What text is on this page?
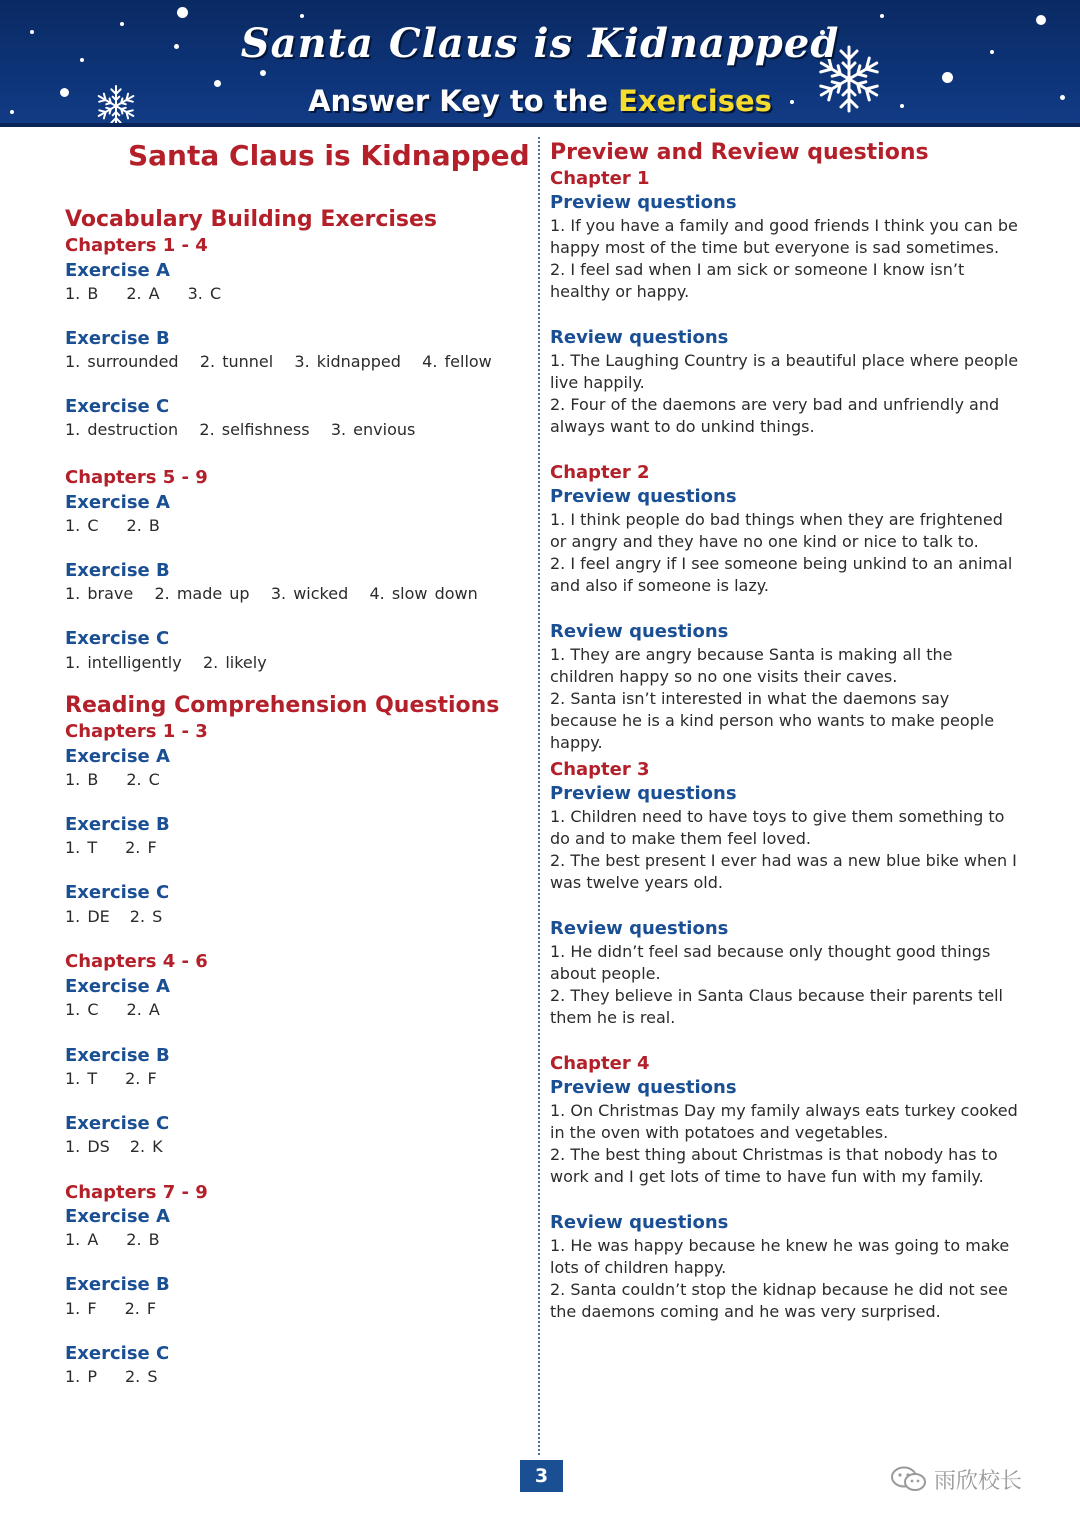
Santa Claus is Kidnapped
Answer Key to the Exercises
Santa Claus is Kidnapped
Vocabulary Building Exercises
Chapters 1 - 4
Exercise A
1. B 2. A 3. C
Exercise B
1. surrounded   2. tunnel   3. kidnapped   4. fellow
Exercise C
1. destruction   2. selfishness   3. envious
Chapters 5 - 9
Exercise A
1. C 2. B
Exercise B
1. brave   2. made up   3. wicked   4. slow down
Exercise C
1. intelligently   2. likely
Reading Comprehension Questions
Chapters 1 - 3
Exercise A
1. B 2. C
Exercise B
1. T 2. F
Exercise C
1. DE 2. S
Chapters 4 - 6
Exercise A
1. C 2. A
Exercise B
1. T 2. F
Exercise C
1. DS 2. K
Chapters 7 - 9
Exercise A
1. A 2. B
Exercise B
1. F 2. F
Exercise C
1. P 2. S
Preview and Review questions
Chapter 1
Preview questions
1. If you have a family and good friends I think you can be happy most of the time but everyone is sad sometimes.
2. I feel sad when I am sick or someone I know isn’t healthy or happy.
Review questions
1. The Laughing Country is a beautiful place where people live happily.
2. Four of the daemons are very bad and unfriendly and always want to do unkind things.
Chapter 2
Preview questions
1. I think people do bad things when they are frightened or angry and they have no one kind or nice to talk to.
2. I feel angry if I see someone being unkind to an animal and also if someone is lazy.
Review questions
1. They are angry because Santa is making all the children happy so no one visits their caves.
2. Santa isn’t interested in what the daemons say because he is a kind person who wants to make people happy.
Chapter 3
Preview questions
1. Children need to have toys to give them something to do and to make them feel loved.
2. The best present I ever had was a new blue bike when I was twelve years old.
Review questions
1. He didn’t feel sad because only thought good things about people.
2. They believe in Santa Claus because their parents tell them he is real.
Chapter 4
Preview questions
1. On Christmas Day my family always eats turkey cooked in the oven with potatoes and vegetables.
2. The best thing about Christmas is that nobody has to work and I get lots of time to have fun with my family.
Review questions
1. He was happy because he knew he was going to make lots of children happy.
2. Santa couldn’t stop the kidnap because he did not see the daemons coming and he was very surprised.
3	雨欣校长
